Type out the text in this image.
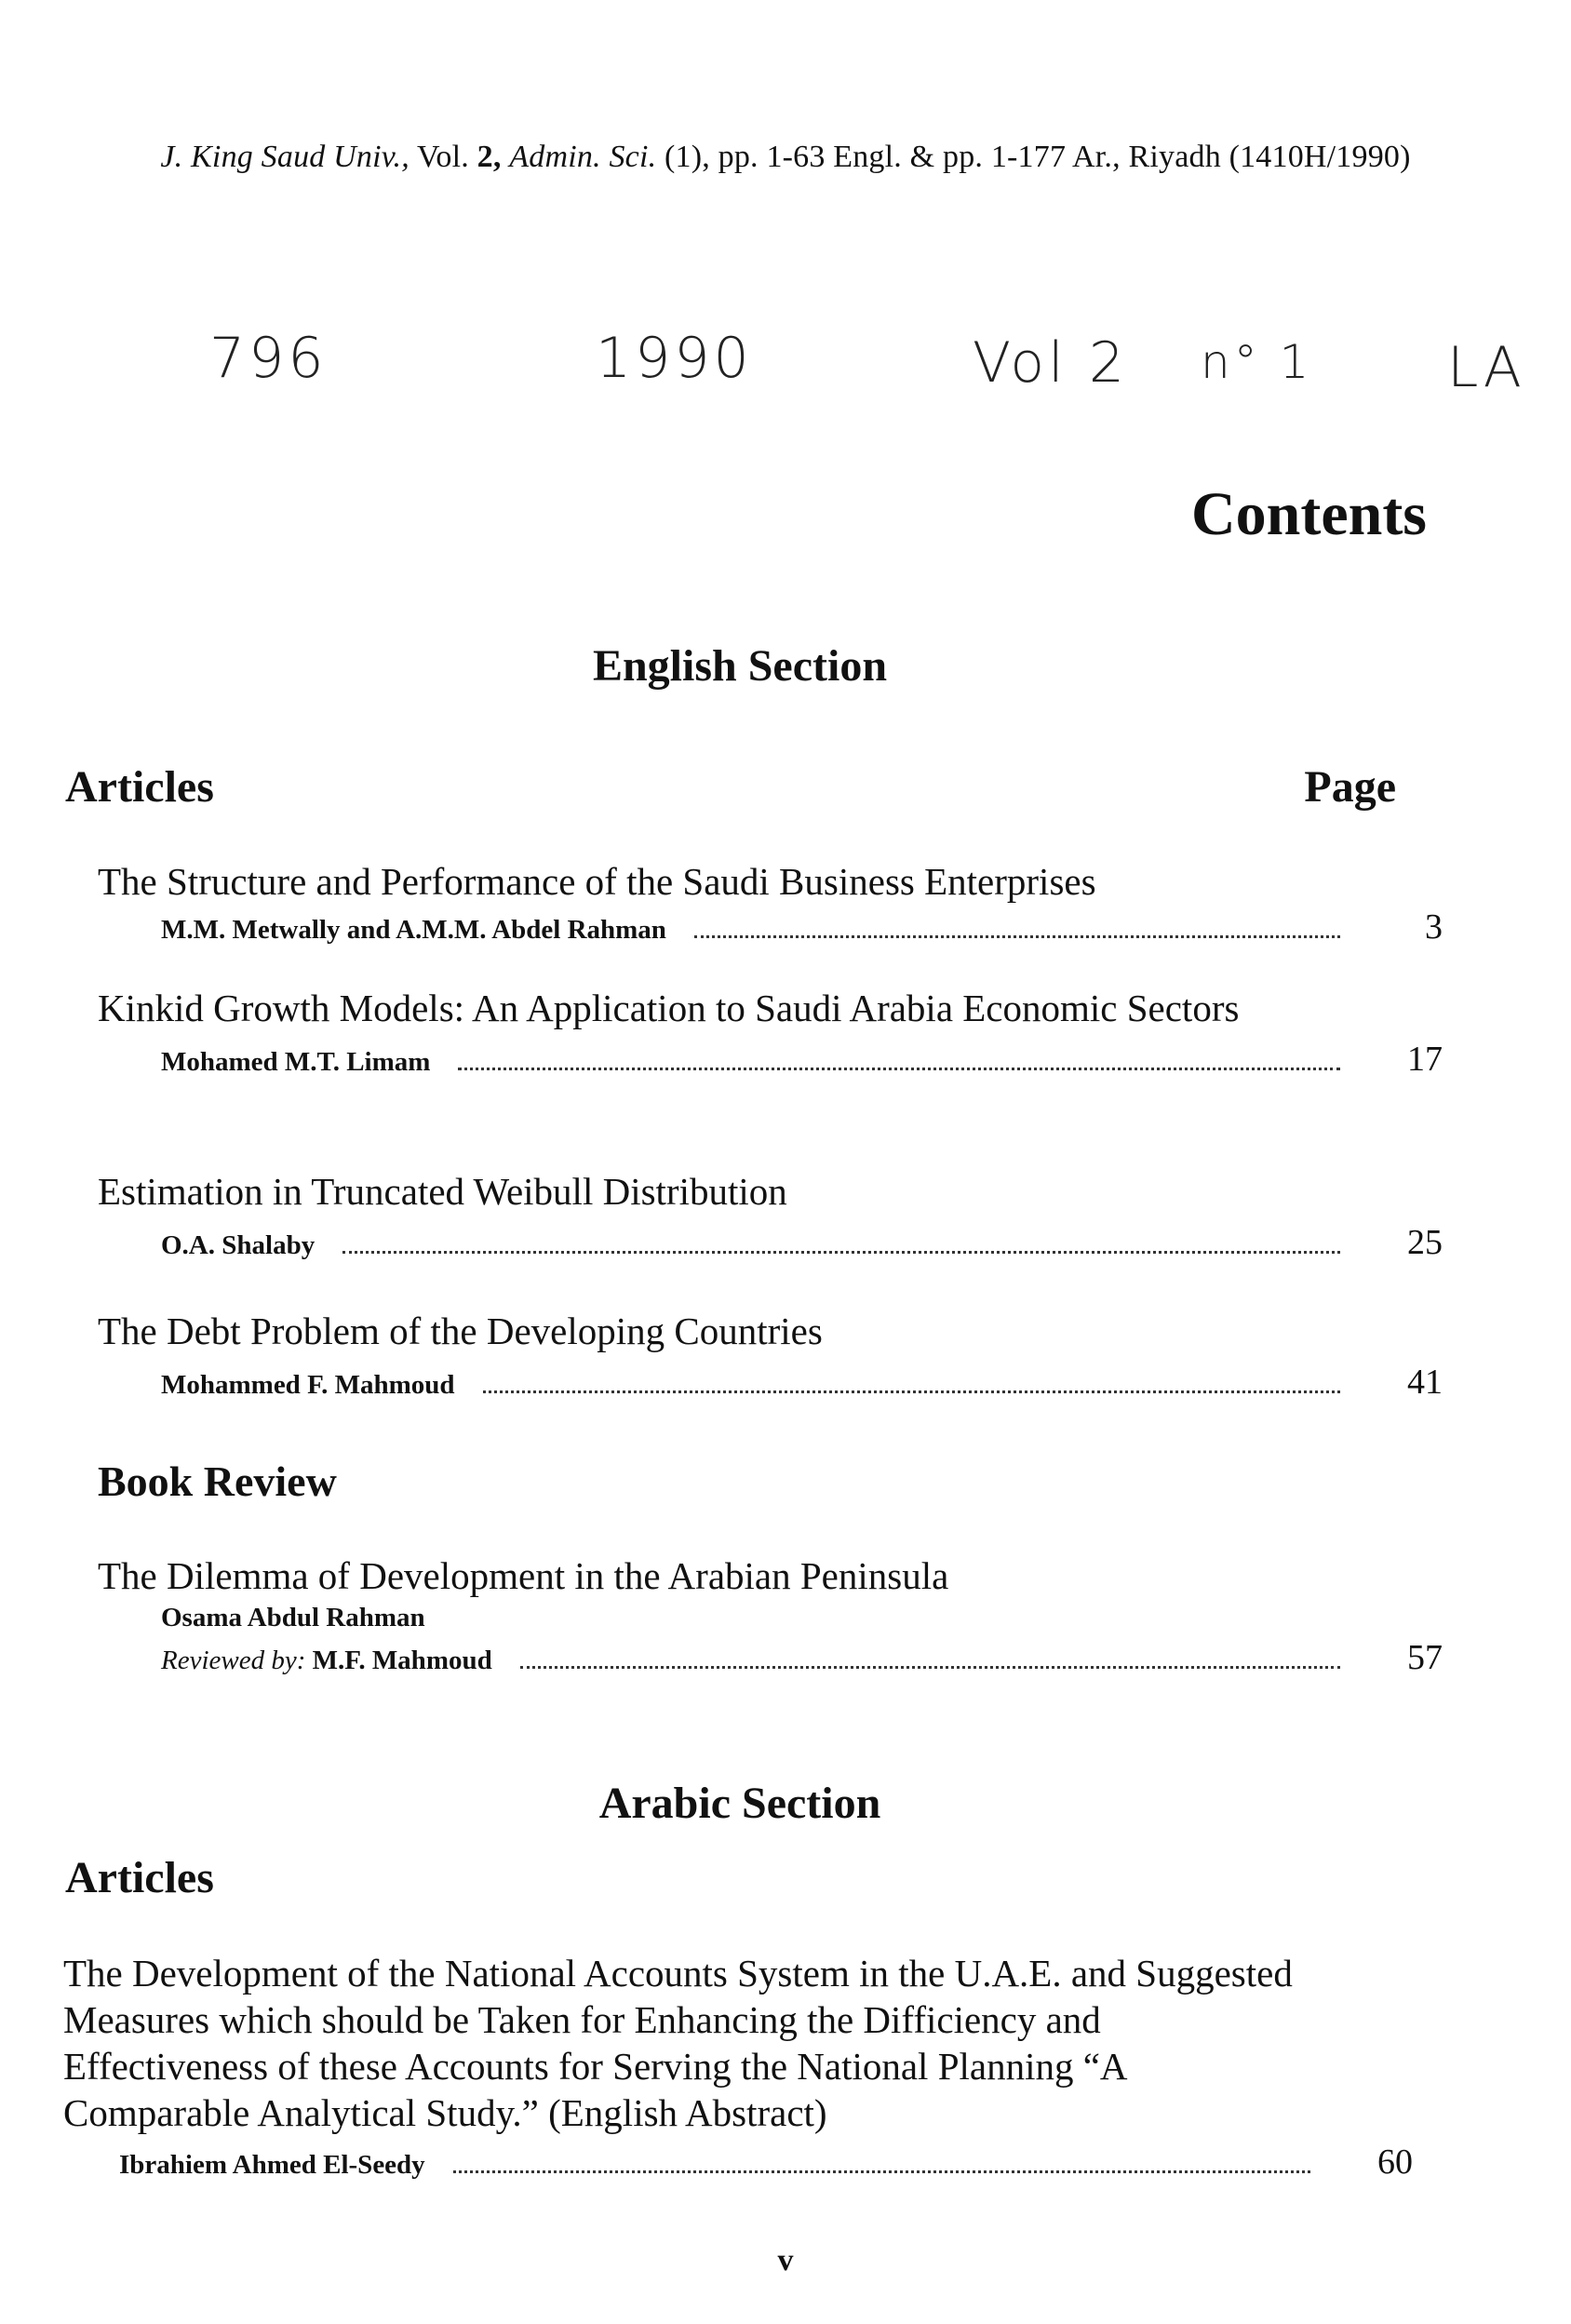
J. King Saud Univ., Vol. 2, Admin. Sci. (1), pp. 1-63 Engl. & pp. 1-177 Ar., Riyadh (1410H/1990)
796	1990	Vol 2 n° 1 LA
Contents
English Section
Articles	Page
The Structure and Performance of the Saudi Business Enterprises
M.M. Metwally and A.M.M. Abdel Rahman	3
Kinkid Growth Models: An Application to Saudi Arabia Economic Sectors
Mohamed M.T. Limam	17
Estimation in Truncated Weibull Distribution
O.A. Shalaby	25
The Debt Problem of the Developing Countries
Mohammed F. Mahmoud	41
Book Review
The Dilemma of Development in the Arabian Peninsula
Osama Abdul Rahman
Reviewed by: M.F. Mahmoud	57
Arabic Section
Articles
The Development of the National Accounts System in the U.A.E. and Suggested Measures which should be Taken for Enhancing the Difficiency and Effectiveness of these Accounts for Serving the National Planning “A Comparable Analytical Study.” (English Abstract)
Ibrahiem Ahmed El-Seedy	60
v
